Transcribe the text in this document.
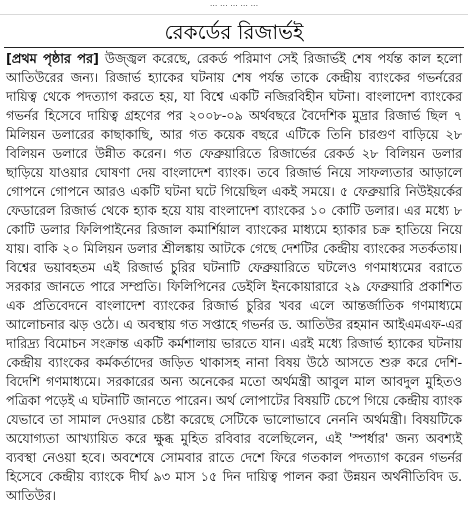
... ... ... ... ...
রেকর্ডের রিজার্ভই
[প্রথম পৃষ্ঠার পর] উজ্জ্বল করেছে, রেকর্ড পরিমাণ সেই রিজার্ভই শেষ পর্যন্ত কাল হলো আতিউরের জন্য। রিজার্ভ হ্যাকের ঘটনায় শেষ পর্যন্ত তাকে কেন্দ্রীয় ব্যাংকের গভর্নরের দায়িত্ব থেকে পদত্যাগ করতে হয়, যা বিশ্বে একটি নজিরবিহীন ঘটনা। বাংলাদেশ ব্যাংকের গভর্নর হিসেবে দায়িত্ব গ্রহণের পর ২০০৮-০৯ অর্থবছরে বৈদেশিক মুদ্রার রিজার্ভ ছিল ৭ মিলিয়ন ডলারের কাছাকাছি, আর গত কয়েক বছরে এটিকে তিনি চারগুণ বাড়িয়ে ২৮ বিলিয়ন ডলারে উন্নীত করেন। গত ফেব্রুয়ারিতে রিজার্ভের রেকর্ড ২৮ বিলিয়ন ডলার ছাড়িয়ে যাওয়ার ঘোষণা দেয় বাংলাদেশ ব্যাংক। তবে রিজার্ভ নিয়ে সাফল্যতার আড়ালে গোপনে গোপনে আরও একটি ঘটনা ঘটে গিয়েছিল একই সময়ে। ৫ ফেব্রুয়ারি নিউইয়র্কের ফেডারেল রিজার্ভ থেকে হ্যাক হয়ে যায় বাংলাদেশ ব্যাংকের ১০ কোটি ডলার। এর মধ্যে ৮ কোটি ডলার ফিলিপাইনের রিজাল কমার্শিয়াল ব্যাংকের মাধ্যমে হ্যাকার চক্র হাতিয়ে নিয়ে যায়। বাকি ২০ মিলিয়ন ডলার শ্রীলঙ্কায় আটকে গেছে দেশটির কেন্দ্রীয় ব্যাংকের সতর্কতায়। বিশ্বের ভয়াবহতম এই রিজার্ভ চুরির ঘটনাটি ফেব্রুয়ারিতে ঘটলেও গণমাধ্যমের বরাতে সরকার জানতে পারে সম্প্রতি। ফিলিপিনের ডেইলি ইনকোয়ারারে ২৯ ফেব্রুয়ারি প্রকাশিত এক প্রতিবেদনে বাংলাদেশ ব্যাংকের রিজার্ভ চুরির খবর এলে আন্তর্জাতিক গণমাধ্যমে আলোচনার ঝড় ওঠে। এ অবস্থায় গত সপ্তাহে গভর্নর ড. আতিউর রহমান আইএমএফ-এর দারিদ্র্য বিমোচন সংক্রান্ত একটি কর্মশালায় ভারতে যান। এরই মধ্যে রিজার্ভ হ্যাকের ঘটনায় কেন্দ্রীয় ব্যাংকের কর্মকর্তাদের জড়িত থাকাসহ নানা বিষয় উঠে আসতে শুরু করে দেশি-বিদেশি গণমাধ্যমে। সরকারের অন্য অনেকের মতো অর্থমন্ত্রী আবুল মাল আবদুল মুহিতও পত্রিকা পড়েই এ ঘটনাটি জানতে পারেন। অর্থ লোপাটের বিষয়টি চেপে গিয়ে কেন্দ্রীয় ব্যাংক যেভাবে তা সামাল দেওয়ার চেষ্টা করেছে সেটিকে ভালোভাবে নেননি অর্থমন্ত্রী। বিষয়টিকে অযোগ্যতা আখ্যায়িত করে ক্ষুব্ধ মুহিত রবিবার বলেছিলেন, এই 'স্পর্ধার' জন্য অবশ্যই ব্যবস্থা নেওয়া হবে। অবশেষে সোমবার রাতে দেশে ফিরে গতকাল পদত্যাগ করেন গভর্নর হিসেবে কেন্দ্রীয় ব্যাংকে দীর্ঘ ৯৩ মাস ১৫ দিন দায়িত্ব পালন করা উন্নয়ন অর্থনীতিবিদ ড. আতিউর।
